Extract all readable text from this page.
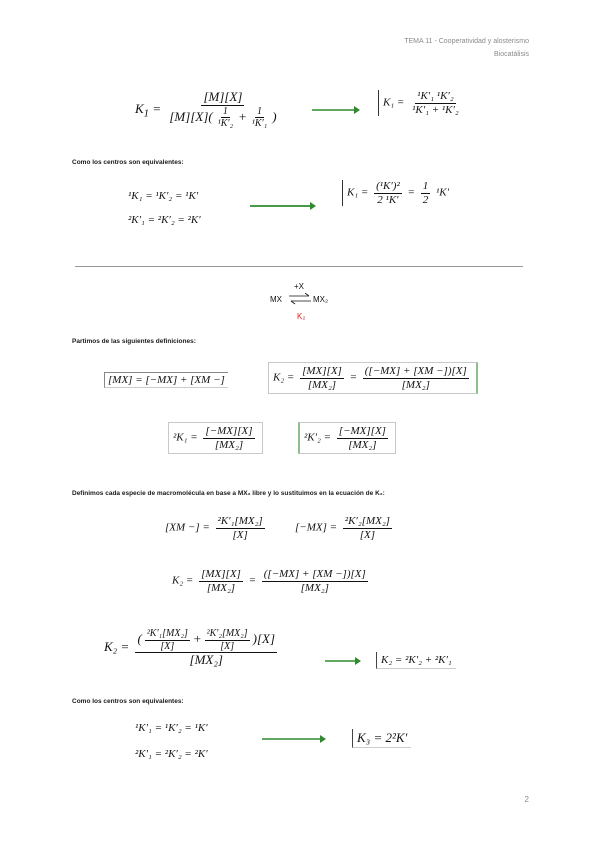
TEMA 11 - Cooperatividad y alosterismo
Biocatálisis
$K_1 = \frac{[M][X]}{[M][X]( \frac{1}{\text{¹K′₂}} + \frac{1}{\text{¹K′₁}} )}$	$K_1 = \frac{\text{¹K′₁ ¹K′₂}}{\text{¹K′₁ + ¹K′₂}}$
Como los centros son equivalentes:
¹K₁ = ¹K′₂ = ¹K′
²K′₁ = ²K′₂ = ²K′
$K_1 = \frac{\text{(¹K′)²}}{\text{2 ¹K′}} = \frac{1}{2} ^1K'$
+X
MX ⇌ MX₂
K₂
Partimos de las siguientes definiciones:
[MX] = [−MX] + [XM −]	$K_2 = \frac{[MX][X]}{\text{[MX₂]}} = \frac{([-MX] + [XM -])[X]}{\text{[MX₂]}}$
$^2K_1 = \frac{[-MX][X]}{\text{[MX₂]}}$	$^2K'_2 = \frac{[-MX][X]}{\text{[MX₂]}}$
Definimos cada especie de macromolécula en base a MX₂ libre y lo sustituimos en la ecuación de K₂:
[XM −] = $\frac{\text{²K′₁[MX₂]}}{[X]}$	$[-MX] = \frac{\text{²K′₂[MX₂]}}{[X]}$
$K_2 = \frac{[MX][X]}{\text{[MX₂]}} = \frac{([-MX] + [XM -])[X]}{\text{[MX₂]}}$
$K_2 = \frac{( \frac{\text{²K′₁[MX₂]}}{[X]} + \frac{\text{²K′₂[MX₂]}}{[X]} )[X]}{\text{[MX₂]}}$	K₂ = ²K′₂ + ²K′₁
Como los centros son equivalentes:
¹K′₁ = ¹K′₂ = ¹K′
²K′₁ = ²K′₂ = ²K′
K₃ = 2²K′
2
